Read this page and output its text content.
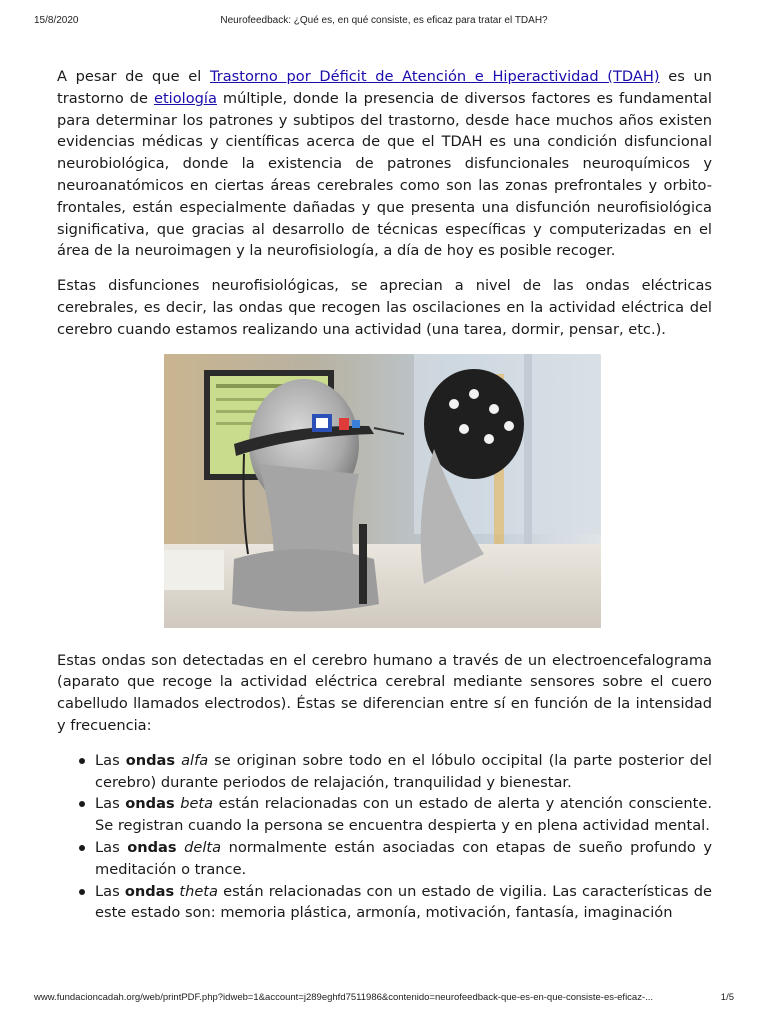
15/8/2020	Neurofeedback: ¿Qué es, en qué consiste, es eficaz para tratar el TDAH?

A pesar de que el Trastorno por Déficit de Atención e Hiperactividad (TDAH) es un trastorno de etiología múltiple, donde la presencia de diversos factores es fundamental para determinar los patrones y subtipos del trastorno, desde hace muchos años existen evidencias médicas y científicas acerca de que el TDAH es una condición disfuncional neurobiológica, donde la existencia de patrones disfuncionales neuroquímicos y neuroanatómicos en ciertas áreas cerebrales como son las zonas prefrontales y orbito-frontales, están especialmente dañadas y que presenta una disfunción neurofisiológica significativa, que gracias al desarrollo de técnicas específicas y computerizadas en el área de la neuroimagen y la neurofisiología, a día de hoy es posible recoger.

Estas disfunciones neurofisiológicas, se aprecian a nivel de las ondas eléctricas cerebrales, es decir, las ondas que recogen las oscilaciones en la actividad eléctrica del cerebro cuando estamos realizando una actividad (una tarea, dormir, pensar, etc.).

Estas ondas son detectadas en el cerebro humano a través de un electroencefalograma (aparato que recoge la actividad eléctrica cerebral mediante sensores sobre el cuero cabelludo llamados electrodos). Éstas se diferencian entre sí en función de la intensidad y frecuencia:

Las ondas alfa se originan sobre todo en el lóbulo occipital (la parte posterior del cerebro) durante periodos de relajación, tranquilidad y bienestar.
Las ondas beta están relacionadas con un estado de alerta y atención consciente. Se registran cuando la persona se encuentra despierta y en plena actividad mental.
Las ondas delta normalmente están asociadas con etapas de sueño profundo y meditación o trance.
Las ondas theta están relacionadas con un estado de vigilia. Las características de este estado son: memoria plástica, armonía, motivación, fantasía, imaginación
www.fundacioncadah.org/web/printPDF.php?idweb=1&account=j289eghfd7511986&contenido=neurofeedback-que-es-en-que-consiste-es-eficaz-...	1/5
